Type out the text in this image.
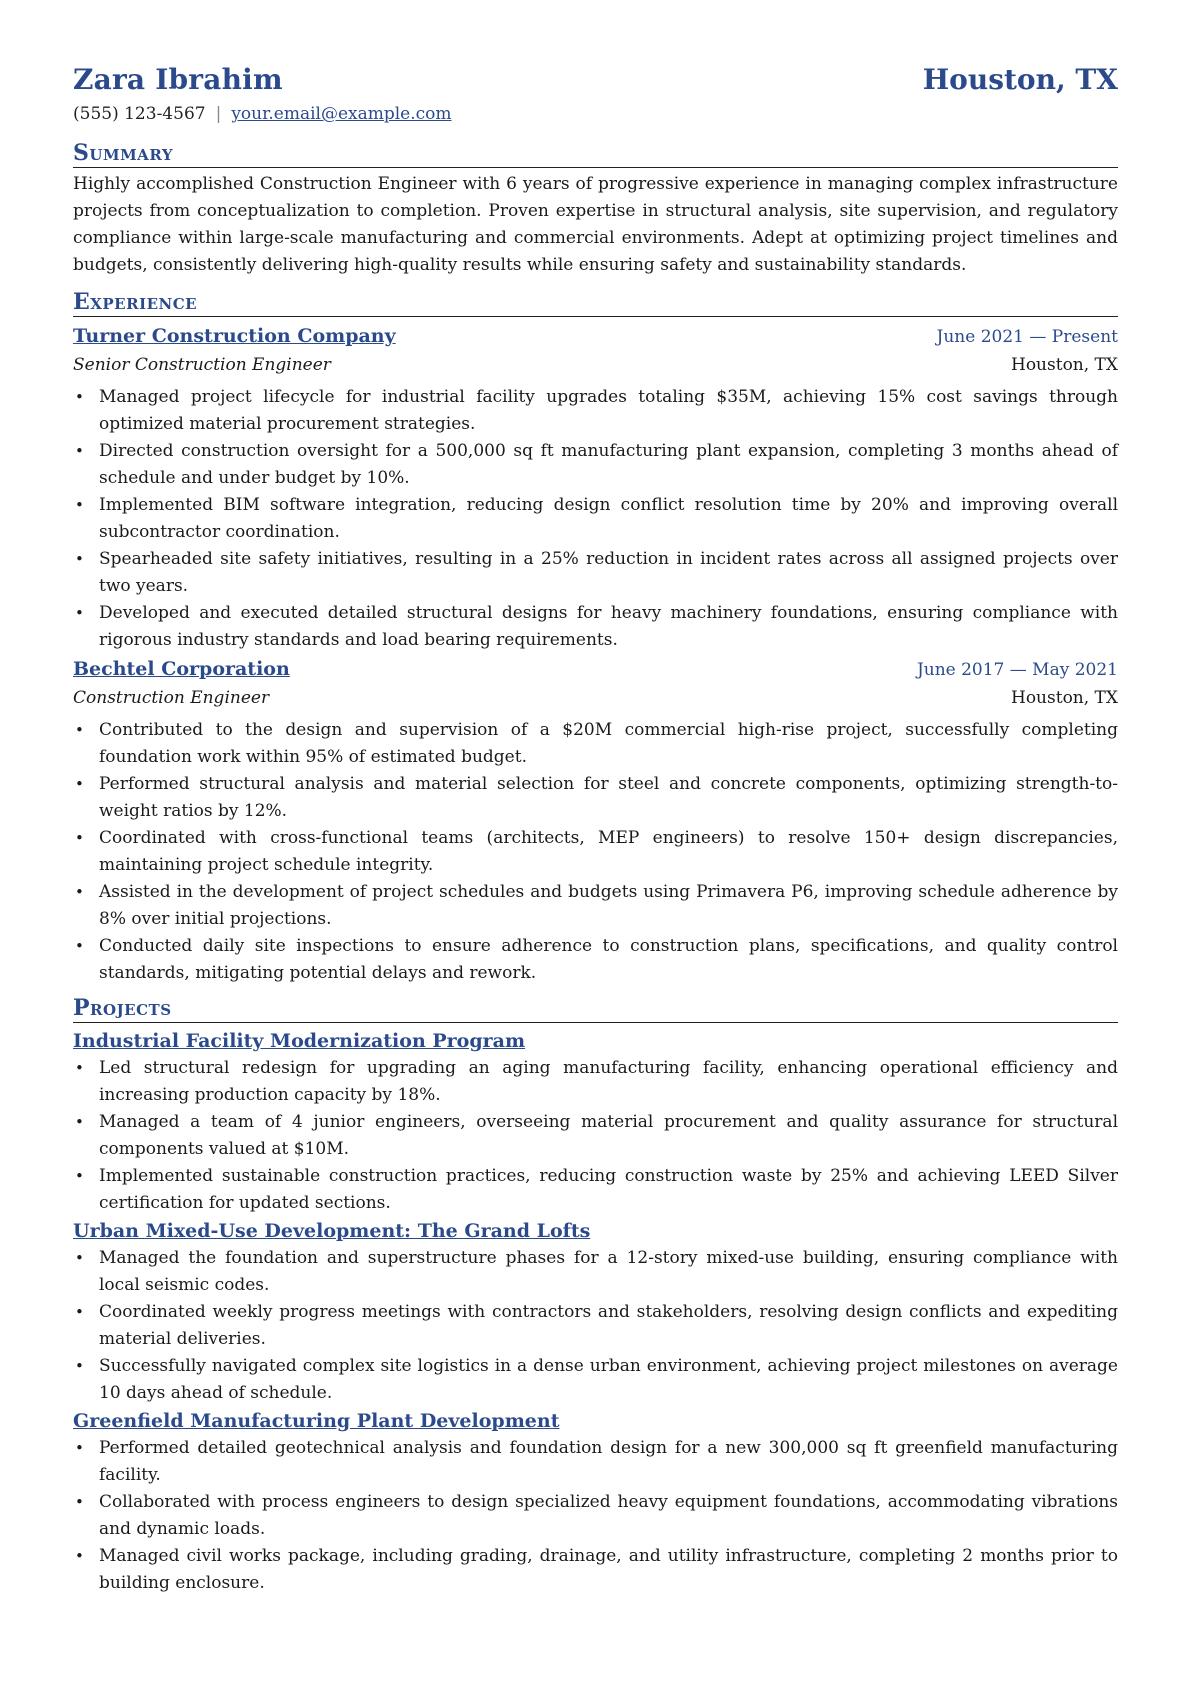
Zara Ibrahim	Houston, TX
(555) 123-4567 | your.email@example.com
Summary
Highly accomplished Construction Engineer with 6 years of progressive experience in managing complex infrastructure projects from conceptualization to completion. Proven expertise in structural analysis, site supervision, and regulatory compliance within large-scale manufacturing and commercial environments. Adept at optimizing project timelines and budgets, consistently delivering high-quality results while ensuring safety and sustainability standards.
Experience
Turner Construction Company	June 2021 — Present
Senior Construction Engineer	Houston, TX
• Managed project lifecycle for industrial facility upgrades totaling $35M, achieving 15% cost savings through optimized material procurement strategies.
• Directed construction oversight for a 500,000 sq ft manufacturing plant expansion, completing 3 months ahead of schedule and under budget by 10%.
• Implemented BIM software integration, reducing design conflict resolution time by 20% and improving overall subcontractor coordination.
• Spearheaded site safety initiatives, resulting in a 25% reduction in incident rates across all assigned projects over two years.
• Developed and executed detailed structural designs for heavy machinery foundations, ensuring compliance with rigorous industry standards and load bearing requirements.
Bechtel Corporation	June 2017 — May 2021
Construction Engineer	Houston, TX
• Contributed to the design and supervision of a $20M commercial high-rise project, successfully completing foundation work within 95% of estimated budget.
• Performed structural analysis and material selection for steel and concrete components, optimizing strength-to-weight ratios by 12%.
• Coordinated with cross-functional teams (architects, MEP engineers) to resolve 150+ design discrepancies, maintaining project schedule integrity.
• Assisted in the development of project schedules and budgets using Primavera P6, improving schedule adherence by 8% over initial projections.
• Conducted daily site inspections to ensure adherence to construction plans, specifications, and quality control standards, mitigating potential delays and rework.
Projects
Industrial Facility Modernization Program
• Led structural redesign for upgrading an aging manufacturing facility, enhancing operational efficiency and increasing production capacity by 18%.
• Managed a team of 4 junior engineers, overseeing material procurement and quality assurance for structural components valued at $10M.
• Implemented sustainable construction practices, reducing construction waste by 25% and achieving LEED Silver certification for updated sections.
Urban Mixed-Use Development: The Grand Lofts
• Managed the foundation and superstructure phases for a 12-story mixed-use building, ensuring compliance with local seismic codes.
• Coordinated weekly progress meetings with contractors and stakeholders, resolving design conflicts and expediting material deliveries.
• Successfully navigated complex site logistics in a dense urban environment, achieving project milestones on average 10 days ahead of schedule.
Greenfield Manufacturing Plant Development
• Performed detailed geotechnical analysis and foundation design for a new 300,000 sq ft greenfield manufacturing facility.
• Collaborated with process engineers to design specialized heavy equipment foundations, accommodating vibrations and dynamic loads.
• Managed civil works package, including grading, drainage, and utility infrastructure, completing 2 months prior to building enclosure.
